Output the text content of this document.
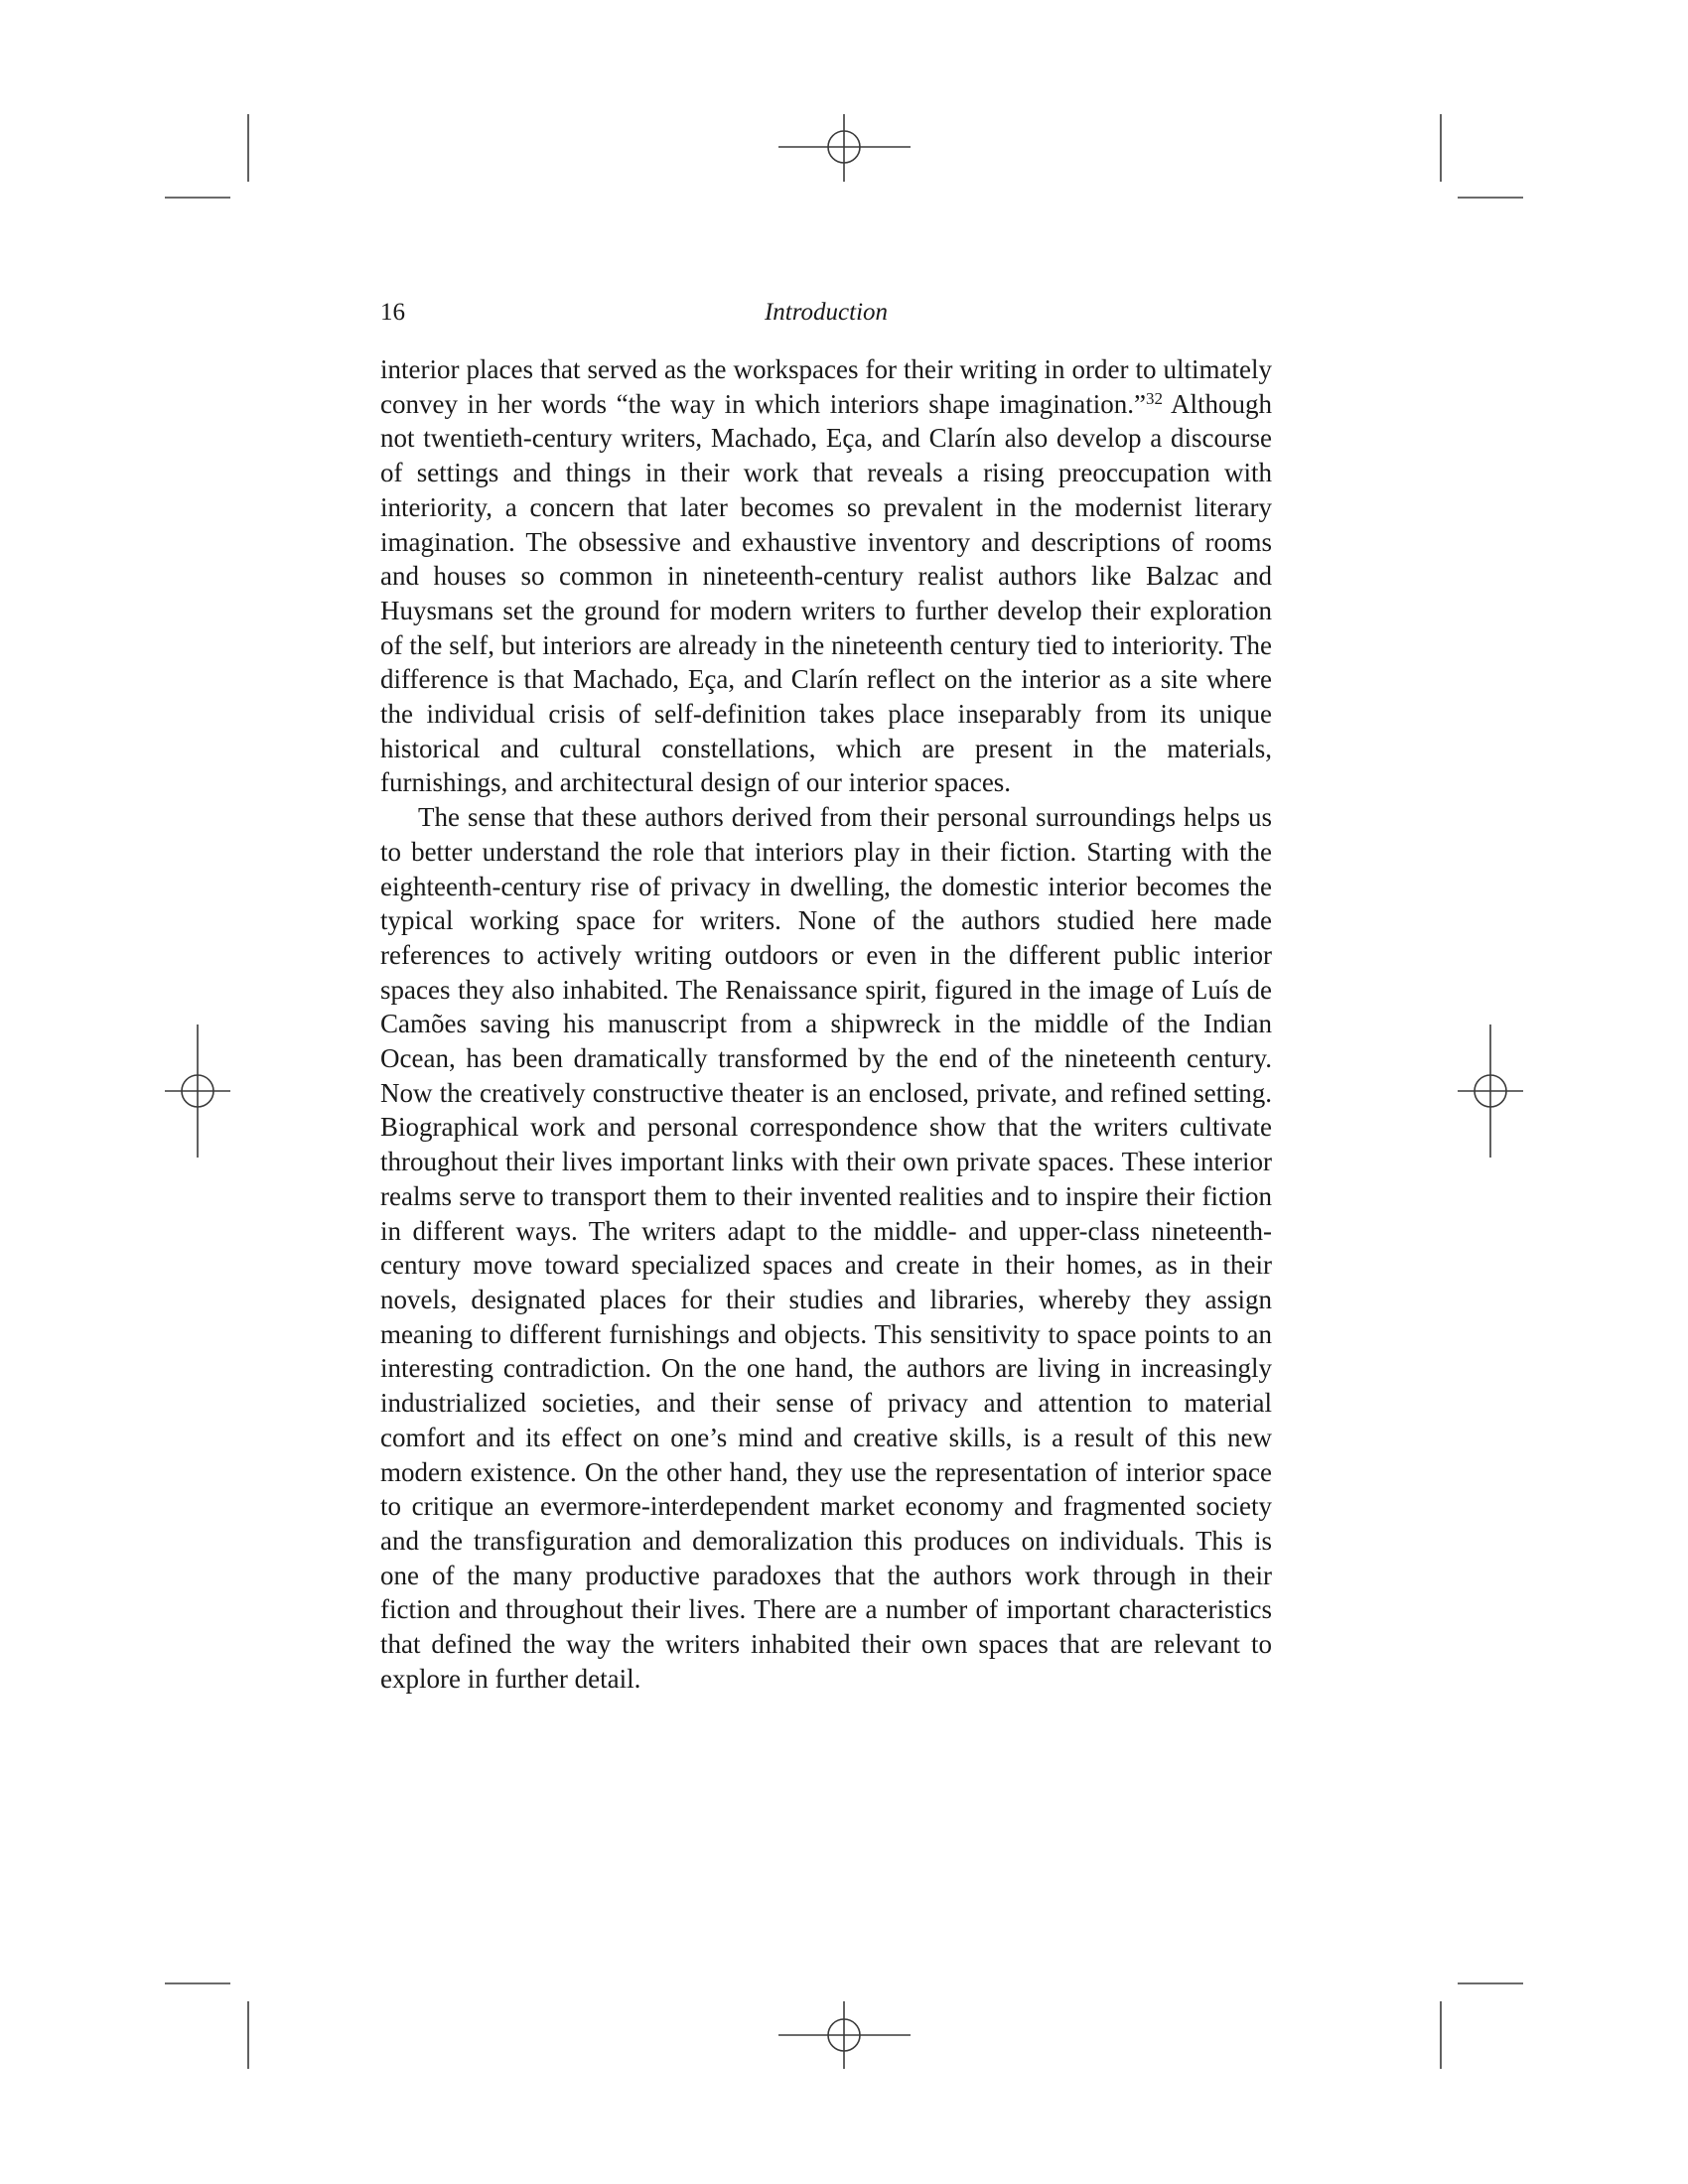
16	Introduction

interior places that served as the workspaces for their writing in order to ultimately convey in her words “the way in which interiors shape imagination.”$^{32}$ Although not twentieth-century writers, Machado, Eça, and Clarín also develop a discourse of settings and things in their work that reveals a rising preoccupation with interiority, a concern that later becomes so prevalent in the modernist literary imagination. The obsessive and exhaustive inventory and descriptions of rooms and houses so common in nineteenth-century realist authors like Balzac and Huysmans set the ground for modern writers to further develop their exploration of the self, but interiors are already in the nineteenth century tied to interiority. The difference is that Machado, Eça, and Clarín reflect on the interior as a site where the individual crisis of self-definition takes place inseparably from its unique historical and cultural constellations, which are present in the materials, furnishings, and architectural design of our interior spaces.

The sense that these authors derived from their personal surroundings helps us to better understand the role that interiors play in their fiction. Starting with the eighteenth-century rise of privacy in dwelling, the domestic interior becomes the typical working space for writers. None of the authors studied here made references to actively writing outdoors or even in the different public interior spaces they also inhabited. The Renaissance spirit, figured in the image of Luís de Camões saving his manuscript from a shipwreck in the middle of the Indian Ocean, has been dramatically transformed by the end of the nineteenth century. Now the creatively constructive theater is an enclosed, private, and refined setting. Biographical work and personal correspondence show that the writers cultivate throughout their lives important links with their own private spaces. These interior realms serve to transport them to their invented realities and to inspire their fiction in different ways. The writers adapt to the middle- and upper-class nineteenth-century move toward specialized spaces and create in their homes, as in their novels, designated places for their studies and libraries, whereby they assign meaning to different furnishings and objects. This sensitivity to space points to an interesting contradiction. On the one hand, the authors are living in increasingly industrialized societies, and their sense of privacy and attention to material comfort and its effect on one’s mind and creative skills, is a result of this new modern existence. On the other hand, they use the representation of interior space to critique an evermore-interdependent market economy and fragmented society and the transfiguration and demoralization this produces on individuals. This is one of the many productive paradoxes that the authors work through in their fiction and throughout their lives. There are a number of important characteristics that defined the way the writers inhabited their own spaces that are relevant to explore in further detail.
